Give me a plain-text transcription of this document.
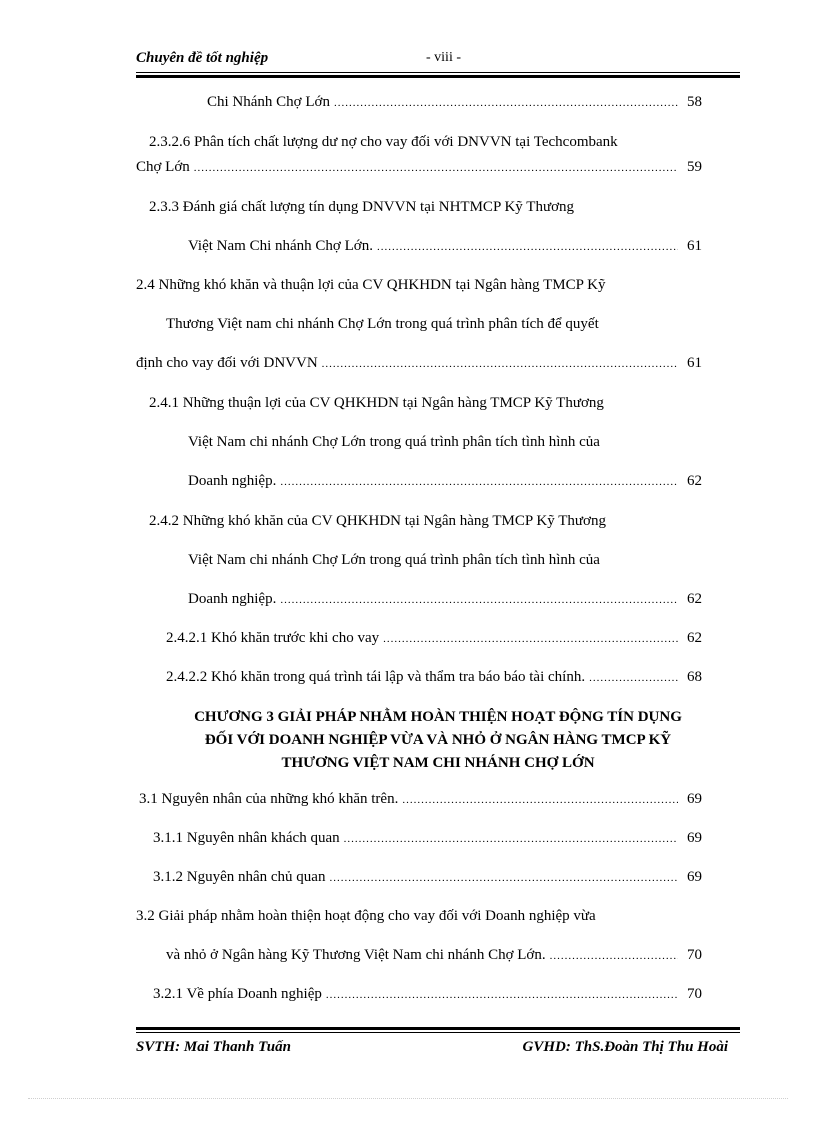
Chuyên đề tốt nghiệp	- viii -
Chi Nhánh Chợ Lớn .....	58
2.3.2.6 Phân tích chất lượng dư nợ cho vay đối với DNVVN tại Techcombank
Chợ Lớn .....	59
2.3.3 Đánh giá chất lượng tín dụng DNVVN tại NHTMCP Kỹ Thương
Việt Nam Chi nhánh Chợ Lớn. .....	61
2.4 Những khó khăn và thuận lợi của CV QHKHDN tại Ngân hàng TMCP Kỹ
Thương Việt nam chi nhánh Chợ Lớn trong quá trình phân tích để quyết
định cho vay đối với DNVVN .....	61
2.4.1 Những thuận lợi của CV QHKHDN tại Ngân hàng TMCP Kỹ Thương
Việt Nam chi nhánh Chợ Lớn trong quá trình phân tích tình hình của
Doanh nghiệp. .....	62
2.4.2 Những khó khăn của CV QHKHDN tại Ngân hàng TMCP Kỹ Thương
Việt Nam chi nhánh Chợ Lớn trong quá trình phân tích tình hình của
Doanh nghiệp. .....	62
2.4.2.1 Khó khăn trước khi cho vay .....	62
2.4.2.2 Khó khăn trong quá trình tái lập và thẩm tra báo báo tài chính. .....	68
CHƯƠNG 3 GIẢI PHÁP NHẰM HOÀN THIỆN HOẠT ĐỘNG TÍN DỤNG
ĐỐI VỚI DOANH NGHIỆP VỪA VÀ NHỎ Ở NGÂN HÀNG TMCP KỸ
THƯƠNG VIỆT NAM CHI NHÁNH CHỢ LỚN
3.1 Nguyên nhân của những khó khăn trên. .....	69
3.1.1 Nguyên nhân khách quan .....	69
3.1.2 Nguyên nhân chủ quan .....	69
3.2 Giải pháp nhằm hoàn thiện hoạt động cho vay đối với Doanh nghiệp vừa
và nhỏ ở Ngân hàng Kỹ Thương Việt Nam chi nhánh Chợ Lớn. .....	70
3.2.1 Về phía Doanh nghiệp .....	70
SVTH: Mai Thanh Tuấn	GVHD: ThS.Đoàn Thị Thu Hoài
